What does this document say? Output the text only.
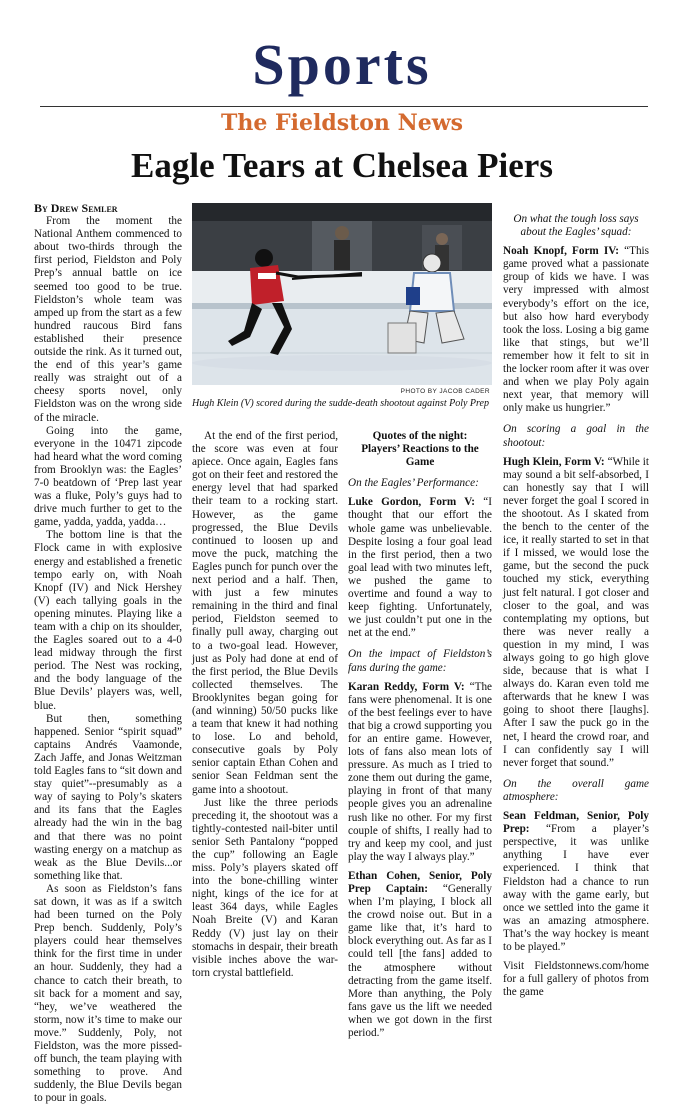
Sports
The Fieldston News
Eagle Tears at Chelsea Piers
PHOTO BY JACOB CADER
Hugh Klein (V) scored during the sudde-death shootout against Poly Prep

By Drew Semler

From the moment the National Anthem commenced to about two-thirds through the first period, Fieldston and Poly Prep’s annual battle on ice seemed too good to be true. Fieldston’s whole team was amped up from the start as a few hundred raucous Bird fans established their presence outside the rink. As it turned out, the end of this year’s game really was straight out of a cheesy sports novel, only Fieldston was on the wrong side of the miracle.

Going into the game, everyone in the 10471 zipcode had heard what the word coming from Brooklyn was: the Eagles’ 7-0 beatdown of ‘Prep last year was a fluke, Poly’s guys had to drive much further to get to the game, yadda, yadda, yadda…

The bottom line is that the Flock came in with explosive energy and established a frenetic tempo early on, with Noah Knopf (IV) and Nick Hershey (V) each tallying goals in the opening minutes. Playing like a team with a chip on its shoulder, the Eagles soared out to a 4-0 lead midway through the first period. The Nest was rocking, and the body language of the Blue Devils’ players was, well, blue.

But then, something happened. Senior “spirit squad” captains Andrés Vaamonde, Zach Jaffe, and Jonas Weitzman told Eagles fans to “sit down and stay quiet”--presumably as a way of saying to Poly’s skaters and its fans that the Eagles already had the win in the bag and that there was no point wasting energy on a matchup as weak as the Blue Devils...or something like that.

As soon as Fieldston’s fans sat down, it was as if a switch had been turned on the Poly Prep bench. Suddenly, Poly’s players could hear themselves think for the first time in under an hour. Suddenly, they had a chance to catch their breath, to sit back for a moment and say, “hey, we’ve weathered the storm, now it’s time to make our move.” Suddenly, Poly, not Fieldston, was the more pissed-off bunch, the team playing with something to prove. And suddenly, the Blue Devils began to pour in goals.

At the end of the first period, the score was even at four apiece. Once again, Eagles fans got on their feet and restored the energy level that had sparked their team to a rocking start. However, as the game progressed, the Blue Devils continued to loosen up and move the puck, matching the Eagles punch for punch over the next period and a half. Then, with just a few minutes remaining in the third and final period, Fieldston seemed to finally pull away, charging out to a two-goal lead. However, just as Poly had done at end of the first period, the Blue Devils collected themselves. The Brooklynites began going for (and winning) 50/50 pucks like a team that knew it had nothing to lose. Lo and behold, consecutive goals by Poly senior captain Ethan Cohen and senior Sean Feldman sent the game into a shootout.

Just like the three periods preceding it, the shootout was a tightly-contested nail-biter until senior Seth Pantalony “popped the cup” following an Eagle miss. Poly’s players skated off into the bone-chilling winter night, kings of the ice for at least 364 days, while Eagles Noah Breite (V) and Karan Reddy (V) just lay on their stomachs in despair, their breath visible inches above the war-torn crystal battlefield.

Quotes of the night:
Players’ Reactions to the Game

On the Eagles’ Performance:

Luke Gordon, Form V: “I thought that our effort the whole game was unbelievable. Despite losing a four goal lead in the first period, then a two goal lead with two minutes left, we pushed the game to overtime and found a way to keep fighting. Unfortunately, we just couldn’t put one in the net at the end.”

On the impact of Fieldston’s fans during the game:

Karan Reddy, Form V: “The fans were phenomenal. It is one of the best feelings ever to have that big a crowd supporting you for an entire game. However, lots of fans also mean lots of pressure. As much as I tried to zone them out during the game, playing in front of that many people gives you an adrenaline rush like no other. For my first couple of shifts, I really had to try and keep my cool, and just play the way I always play.”

Ethan Cohen, Senior, Poly Prep Captain: “Generally when I’m playing, I block all the crowd noise out. But in a game like that, it’s hard to block everything out. As far as I could tell [the fans] added to the atmosphere without detracting from the game itself. More than anything, the Poly fans gave us the lift we needed when we got down in the first period.”

On what the tough loss says about the Eagles’ squad:

Noah Knopf, Form IV: “This game proved what a passionate group of kids we have. I was very impressed with almost everybody’s effort on the ice, but also how hard everybody took the loss. Losing a big game like that stings, but we’ll remember how it felt to sit in the locker room after it was over and when we play Poly again next year, that memory will only make us hungrier.”

On scoring a goal in the shootout:

Hugh Klein, Form V: “While it may sound a bit self-absorbed, I can honestly say that I will never forget the goal I scored in the shootout. As I skated from the bench to the center of the ice, it really started to set in that if I missed, we would lose the game, but the second the puck touched my stick, everything just felt natural. I got closer and closer to the goal, and was contemplating my options, but there was never really a question in my mind, I was always going to go high glove side, because that is what I always do. Karan even told me afterwards that he knew I was going to shoot there [laughs]. After I saw the puck go in the net, I heard the crowd roar, and I can confidently say I will never forget that sound.”

On the overall game atmosphere:

Sean Feldman, Senior, Poly Prep: “From a player’s perspective, it was unlike anything I have ever experienced. I think that Fieldston had a chance to run away with the game early, but once we settled into the game it was an amazing atmosphere. That’s the way hockey is meant to be played.”

Visit Fieldstonnews.com/home for a full gallery of photos from the game
